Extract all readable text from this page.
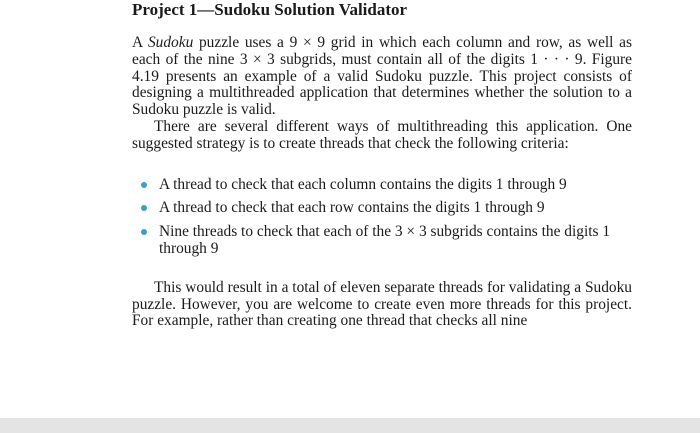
Project 1—Sudoku Solution Validator

A Sudoku puzzle uses a 9 × 9 grid in which each column and row, as well as each of the nine 3 × 3 subgrids, must contain all of the digits 1 · · · 9. Figure 4.19 presents an example of a valid Sudoku puzzle. This project consists of designing a multithreaded application that determines whether the solution to a Sudoku puzzle is valid.

There are several different ways of multithreading this application. One suggested strategy is to create threads that check the following criteria:

A thread to check that each column contains the digits 1 through 9
A thread to check that each row contains the digits 1 through 9
Nine threads to check that each of the 3 × 3 subgrids contains the digits 1 through 9

This would result in a total of eleven separate threads for validating a Sudoku puzzle. However, you are welcome to create even more threads for this project. For example, rather than creating one thread that checks all nine
